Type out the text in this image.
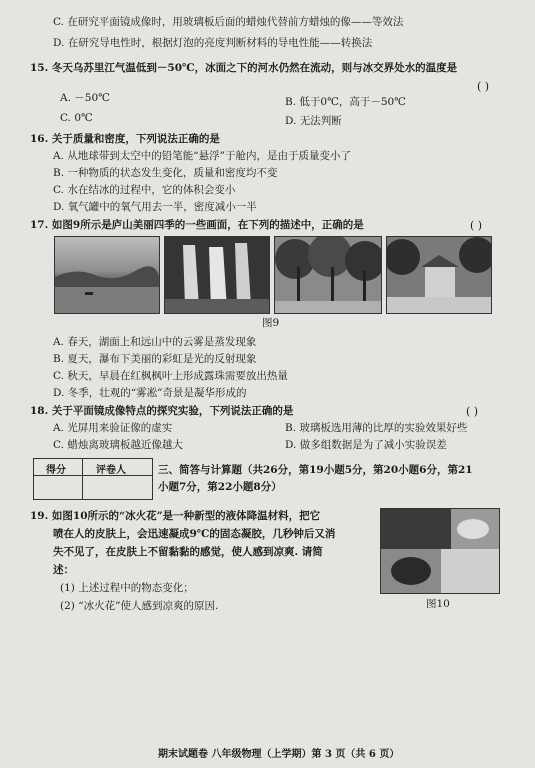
C. 在研究平面镜成像时，用玻璃板后面的蜡烛代替前方蜡烛的像——等效法
D. 在研究导电性时，根据灯泡的亮度判断材料的导电性能——转换法
15. 冬天乌苏里江气温低到－50℃，冰面之下的河水仍然在流动，则与冰交界处水的温度是
( )
A. －50℃	B. 低于0℃，高于－50℃
C. 0℃	D. 无法判断
16. 关于质量和密度，下列说法正确的是
A. 从地球带到太空中的铅笔能“悬浮”于舱内，是由于质量变小了
B. 一种物质的状态发生变化，质量和密度均不变
C. 水在结冰的过程中，它的体积会变小
D. 氧气罐中的氧气用去一半，密度减小一半
17. 如图9所示是庐山美丽四季的一些画面，在下列的描述中，正确的是	( )
图9
A. 春天，湖面上和远山中的云雾是蒸发现象
B. 夏天，瀑布下美丽的彩虹是光的反射现象
C. 秋天，早晨在红枫枫叶上形成露珠需要放出热量
D. 冬季，壮观的“雾凇”奇景是凝华形成的
18. 关于平面镜成像特点的探究实验，下列说法正确的是	( )
A. 光屏用来验证像的虚实	B. 玻璃板选用薄的比厚的实验效果好些
C. 蜡烛离玻璃板越近像越大	D. 做多组数据是为了减小实验误差
得分	评卷人	三、简答与计算题（共26分，第19小题5分，第20小题6分，第21
小题7分，第22小题8分）
19. 如图10所示的“冰火花”是一种新型的液体降温材料，把它
喷在人的皮肤上，会迅速凝成9℃的固态凝胶，几秒钟后又消
失不见了，在皮肤上不留黏黏的感觉，使人感到凉爽. 请简
述：
(1) 上述过程中的物态变化；
(2) “冰火花”使人感到凉爽的原因.	图10
期末试题卷 八年级物理（上学期）第 3 页（共 6 页）
